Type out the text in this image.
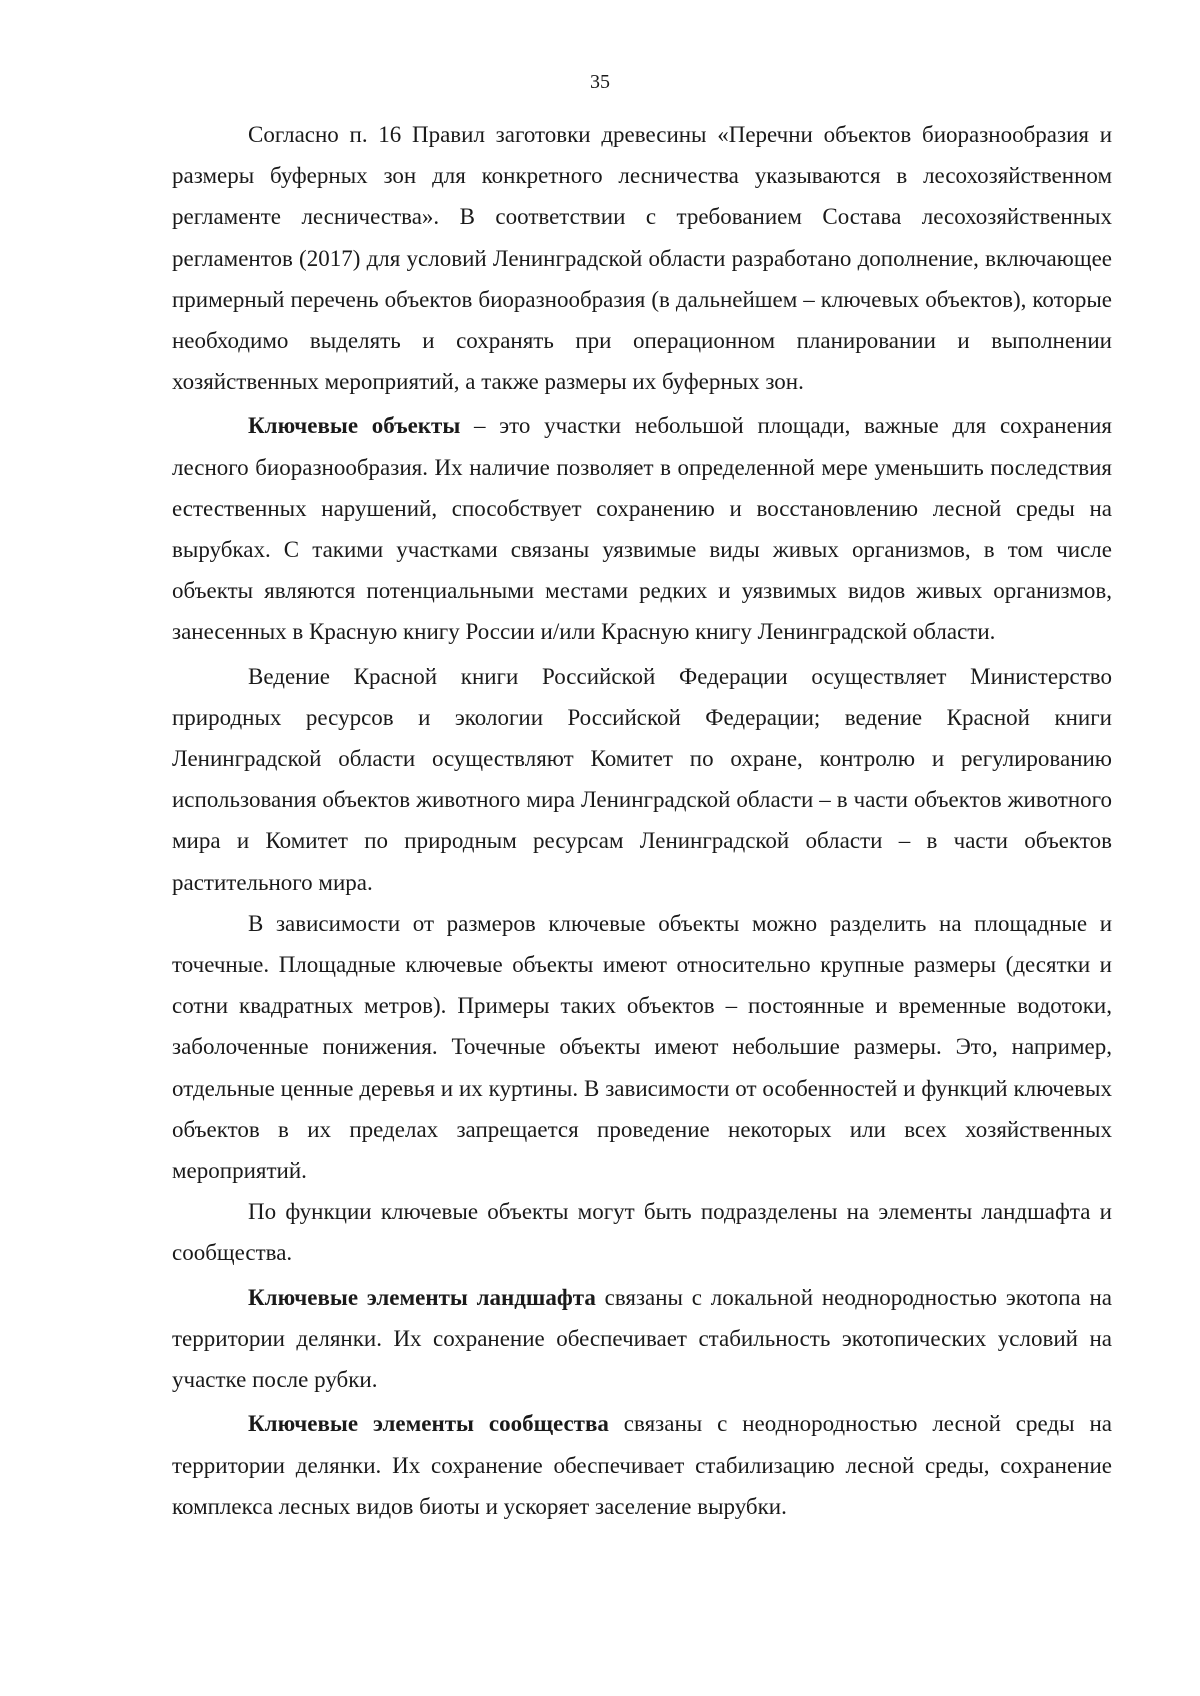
35

Согласно п. 16 Правил заготовки древесины «Перечни объектов биоразнообразия и размеры буферных зон для конкретного лесничества указываются в лесохозяйственном регламенте лесничества». В соответствии с требованием Состава лесохозяйственных регламентов (2017) для условий Ленинградской области разработано дополнение, включающее примерный перечень объектов биоразнообразия (в дальнейшем – ключевых объектов), которые необходимо выделять и сохранять при операционном планировании и выполнении хозяйственных мероприятий, а также размеры их буферных зон.

Ключевые объекты – это участки небольшой площади, важные для сохранения лесного биоразнообразия. Их наличие позволяет в определенной мере уменьшить последствия естественных нарушений, способствует сохранению и восстановлению лесной среды на вырубках. С такими участками связаны уязвимые виды живых организмов, в том числе объекты являются потенциальными местами редких и уязвимых видов живых организмов, занесенных в Красную книгу России и/или Красную книгу Ленинградской области.

Ведение Красной книги Российской Федерации осуществляет Министерство природных ресурсов и экологии Российской Федерации; ведение Красной книги Ленинградской области осуществляют Комитет по охране, контролю и регулированию использования объектов животного мира Ленинградской области – в части объектов животного мира и Комитет по природным ресурсам Ленинградской области – в части объектов растительного мира.

В зависимости от размеров ключевые объекты можно разделить на площадные и точечные. Площадные ключевые объекты имеют относительно крупные размеры (десятки и сотни квадратных метров). Примеры таких объектов – постоянные и временные водотоки, заболоченные понижения. Точечные объекты имеют небольшие размеры. Это, например, отдельные ценные деревья и их куртины. В зависимости от особенностей и функций ключевых объектов в их пределах запрещается проведение некоторых или всех хозяйственных мероприятий.

По функции ключевые объекты могут быть подразделены на элементы ландшафта и сообщества.

Ключевые элементы ландшафта связаны с локальной неоднородностью экотопа на территории делянки. Их сохранение обеспечивает стабильность экотопических условий на участке после рубки.

Ключевые элементы сообщества связаны с неоднородностью лесной среды на территории делянки. Их сохранение обеспечивает стабилизацию лесной среды, сохранение комплекса лесных видов биоты и ускоряет заселение вырубки.
